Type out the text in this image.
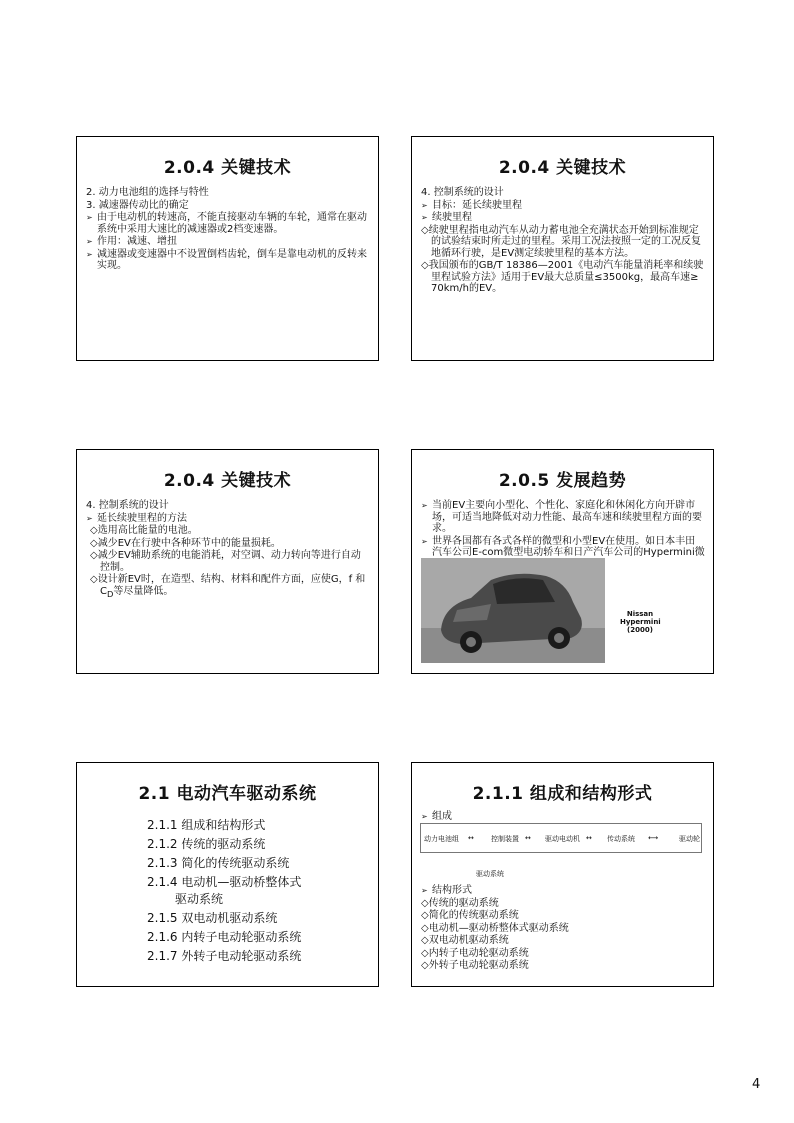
2.0.4 关键技术
2. 动力电池组的选择与特性
3. 减速器传动比的确定
➢ 由于电动机的转速高，不能直接驱动车辆的车轮，通常在驱动系统中采用大速比的减速器或2档变速器。
➢ 作用：减速、增扭
➢ 减速器或变速器中不设置倒档齿轮，倒车是靠电动机的反转来实现。
2.0.4 关键技术
4. 控制系统的设计
➢ 目标：延长续驶里程
➢ 续驶里程
◇续驶里程指电动汽车从动力蓄电池全充满状态开始到标准规定的试验结束时所走过的里程。采用工况法按照一定的工况反复地循环行驶，是EV测定续驶里程的基本方法。
◇我国颁布的GB/T 18386—2001《电动汽车能量消耗率和续驶里程试验方法》适用于EV最大总质量≤3500kg，最高车速≥ 70km/h的EV。
2.0.4 关键技术
4. 控制系统的设计
➢ 延长续驶里程的方法
◇选用高比能量的电池。
◇减少EV在行驶中各种环节中的能量损耗。
◇减少EV辅助系统的电能消耗，对空调、动力转向等进行自动控制。
◇设计新EV时，在造型、结构、材料和配件方面，应使G，f 和 $C_D$等尽量降低。
2.0.5 发展趋势
➢ 当前EV主要向小型化、个性化、家庭化和休闲化方向开辟市场，可适当地降低对动力性能、最高车速和续驶里程方面的要求。
➢ 世界各国都有各式各样的微型和小型EV在使用。如日本丰田汽车公司E-com微型电动轿车和日产汽车公司的Hypermini微
Nissan
Hypermini
(2000)
2.1 电动汽车驱动系统
2.1.1 组成和结构形式
2.1.2 传统的驱动系统
2.1.3 简化的传统驱动系统
2.1.4 电动机—驱动桥整体式
驱动系统
2.1.5 双电动机驱动系统
2.1.6 内转子电动轮驱动系统
2.1.7 外转子电动轮驱动系统
2.1.1 组成和结构形式
➢ 组成
动力电池组 ↔ 控制装置 ↔ 驱动电动机 ↔ 传动系统 ⟷	驱动轮
驱动系统
➢ 结构形式
◇传统的驱动系统
◇简化的传统驱动系统
◇电动机—驱动桥整体式驱动系统
◇双电动机驱动系统
◇内转子电动轮驱动系统
◇外转子电动轮驱动系统
4
